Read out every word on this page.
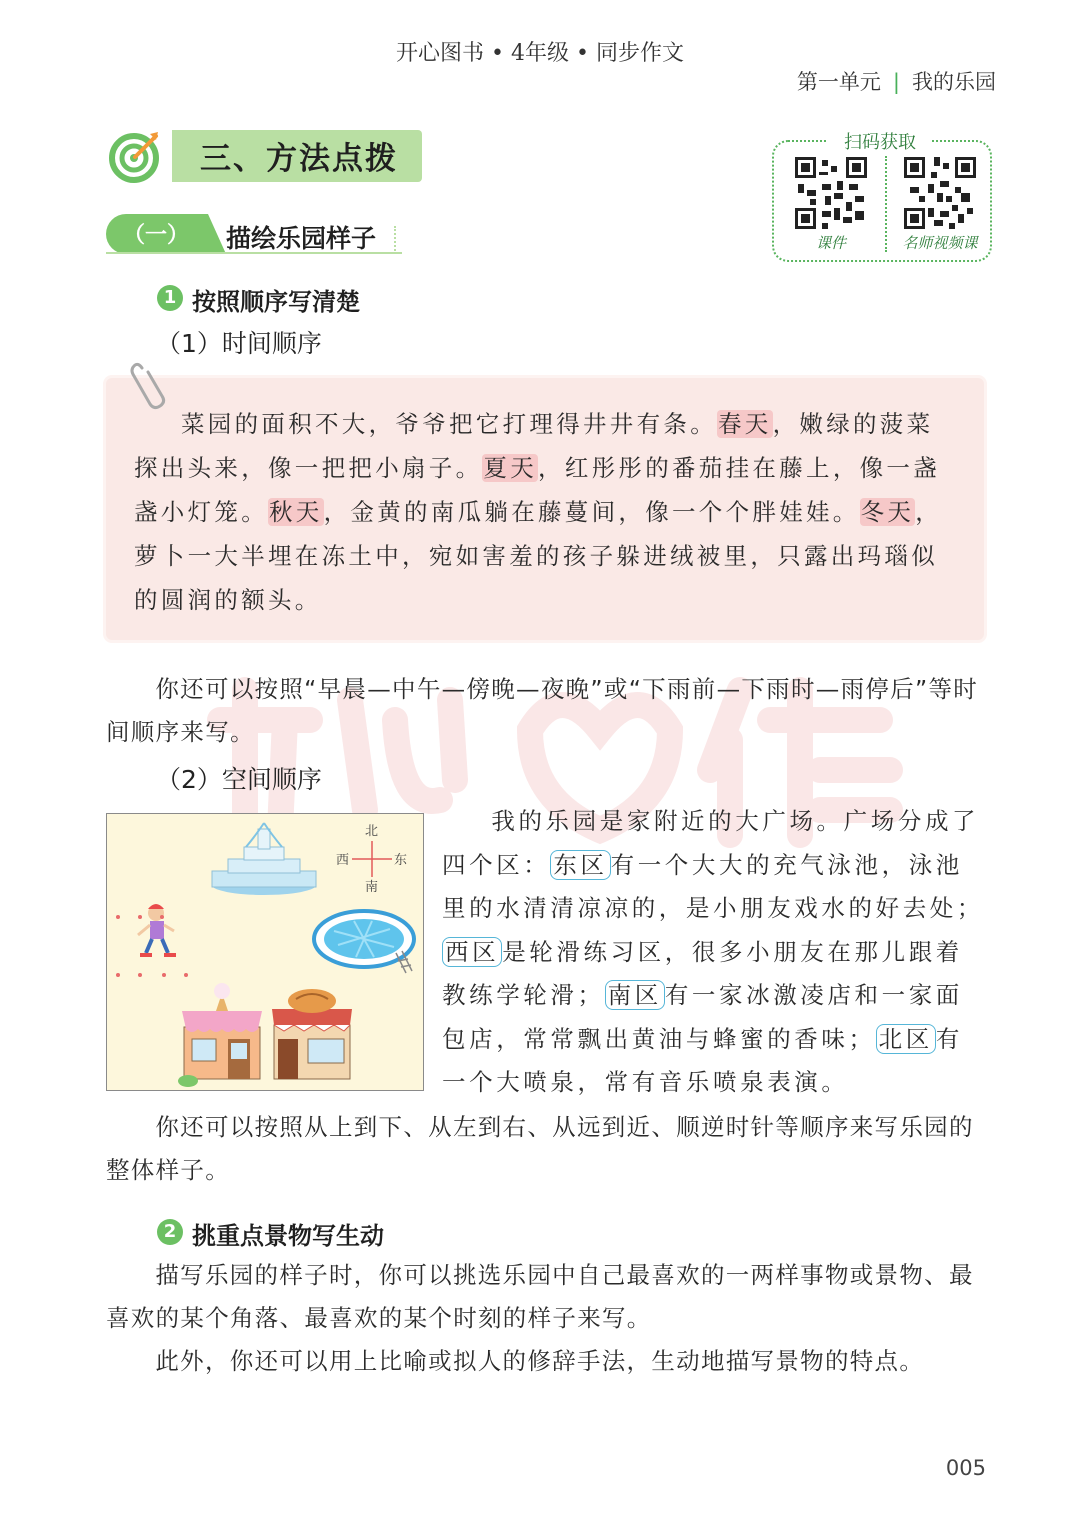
开心图书 • 4年级 • 同步作文
第一单元 | 我的乐园
三、方法点拨	扫码获取
课件	名师视频课
（一）	描绘乐园样子
1 按照顺序写清楚
（1）时间顺序

菜园的面积不大，爷爷把它打理得井井有条。春天，嫩绿的菠菜探出头来，像一把把小扇子。夏天，红彤彤的番茄挂在藤上，像一盏盏小灯笼。秋天，金黄的南瓜躺在藤蔓间，像一个个胖娃娃。冬天，萝卜一大半埋在冻土中，宛如害羞的孩子躲进绒被里，只露出玛瑙似的圆润的额头。

你还可以按照“早晨—中午—傍晚—夜晚”或“下雨前—下雨时—雨停后”等时间顺序来写。

（2）空间顺序
北
南
西	东

我的乐园是家附近的大广场。广场分成了四个区： 东区 有一个大大的充气泳池，泳池里的水清清凉凉的，是小朋友戏水的好去处；西区 是轮滑练习区，很多小朋友在那儿跟着教练学轮滑； 南区 有一家冰激凌店和一家面包店，常常飘出黄油与蜂蜜的香味； 北区 有一个大喷泉，常有音乐喷泉表演。

你还可以按照从上到下、从左到右、从远到近、顺逆时针等顺序来写乐园的整体样子。

2 挑重点景物写生动

描写乐园的样子时，你可以挑选乐园中自己最喜欢的一两样事物或景物、最喜欢的某个角落、最喜欢的某个时刻的样子来写。

此外，你还可以用上比喻或拟人的修辞手法，生动地描写景物的特点。

005
